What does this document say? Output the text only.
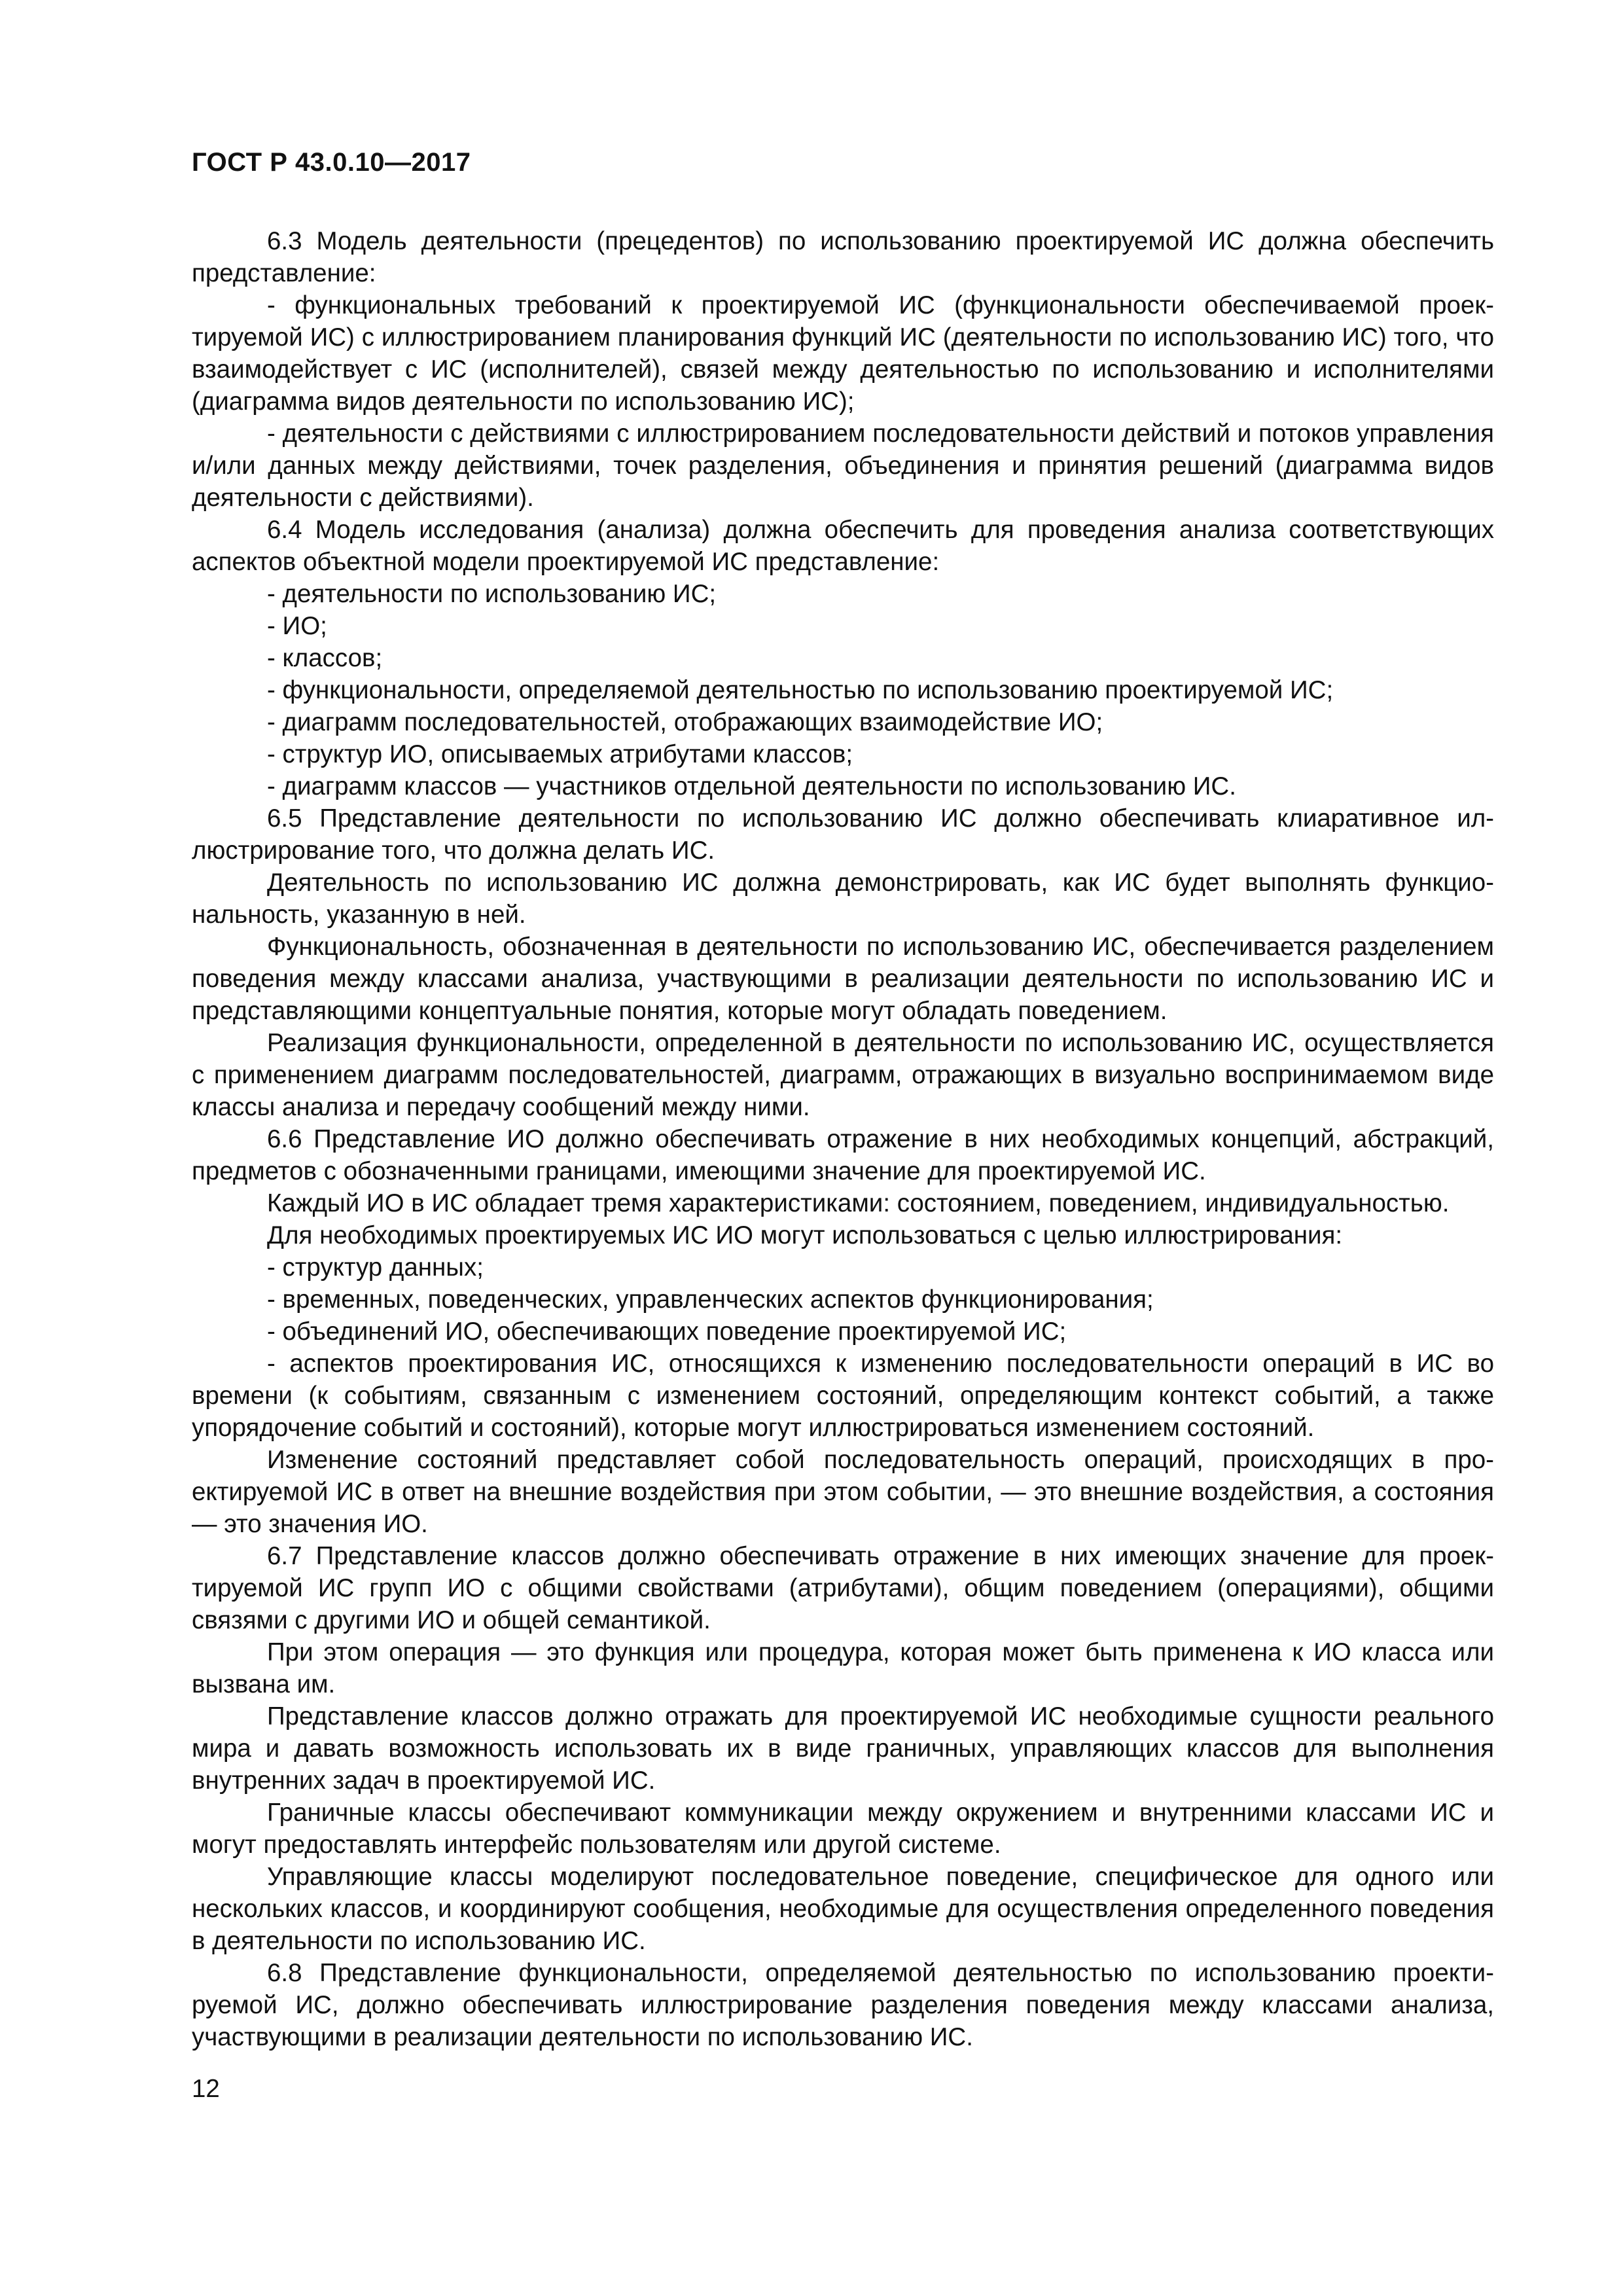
ГОСТ Р 43.0.10—2017

6.3 Модель деятельности (прецедентов) по использованию проектируемой ИС должна обеспечить представление:

- функциональных требований к проектируемой ИС (функциональности обеспечиваемой проектируемой ИС) с иллюстрированием планирования функций ИС (деятельности по использованию ИС) того, что взаимодействует с ИС (исполнителей), связей между деятельностью по использованию и исполнителями (диаграмма видов деятельности по использованию ИС);

- деятельности с действиями с иллюстрированием последовательности действий и потоков управления и/или данных между действиями, точек разделения, объединения и принятия решений (диаграмма видов деятельности с действиями).

6.4 Модель исследования (анализа) должна обеспечить для проведения анализа соответствующих аспектов объектной модели проектируемой ИС представление:

- деятельности по использованию ИС;

- ИО;

- классов;

- функциональности, определяемой деятельностью по использованию проектируемой ИС;

- диаграмм последовательностей, отображающих взаимодействие ИО;

- структур ИО, описываемых атрибутами классов;

- диаграмм классов — участников отдельной деятельности по использованию ИС.

6.5 Представление деятельности по использованию ИС должно обеспечивать клиаративное иллюстрирование того, что должна делать ИС.

Деятельность по использованию ИС должна демонстрировать, как ИС будет выполнять функциональность, указанную в ней.

Функциональность, обозначенная в деятельности по использованию ИС, обеспечивается разделением поведения между классами анализа, участвующими в реализации деятельности по использованию ИС и представляющими концептуальные понятия, которые могут обладать поведением.

Реализация функциональности, определенной в деятельности по использованию ИС, осуществляется с применением диаграмм последовательностей, диаграмм, отражающих в визуально воспринимаемом виде классы анализа и передачу сообщений между ними.

6.6 Представление ИО должно обеспечивать отражение в них необходимых концепций, абстракций, предметов с обозначенными границами, имеющими значение для проектируемой ИС.

Каждый ИО в ИС обладает тремя характеристиками: состоянием, поведением, индивидуальностью.

Для необходимых проектируемых ИС ИО могут использоваться с целью иллюстрирования:

- структур данных;

- временных, поведенческих, управленческих аспектов функционирования;

- объединений ИО, обеспечивающих поведение проектируемой ИС;

- аспектов проектирования ИС, относящихся к изменению последовательности операций в ИС во времени (к событиям, связанным с изменением состояний, определяющим контекст событий, а также упорядочение событий и состояний), которые могут иллюстрироваться изменением состояний.

Изменение состояний представляет собой последовательность операций, происходящих в проектируемой ИС в ответ на внешние воздействия при этом событии, — это внешние воздействия, а состояния — это значения ИО.

6.7 Представление классов должно обеспечивать отражение в них имеющих значение для проектируемой ИС групп ИО с общими свойствами (атрибутами), общим поведением (операциями), общими связями с другими ИО и общей семантикой.

При этом операция — это функция или процедура, которая может быть применена к ИО класса или вызвана им.

Представление классов должно отражать для проектируемой ИС необходимые сущности реального мира и давать возможность использовать их в виде граничных, управляющих классов для выполнения внутренних задач в проектируемой ИС.

Граничные классы обеспечивают коммуникации между окружением и внутренними классами ИС и могут предоставлять интерфейс пользователям или другой системе.

Управляющие классы моделируют последовательное поведение, специфическое для одного или нескольких классов, и координируют сообщения, необходимые для осуществления определенного поведения в деятельности по использованию ИС.

6.8 Представление функциональности, определяемой деятельностью по использованию проектируемой ИС, должно обеспечивать иллюстрирование разделения поведения между классами анализа, участвующими в реализации деятельности по использованию ИС.

12
